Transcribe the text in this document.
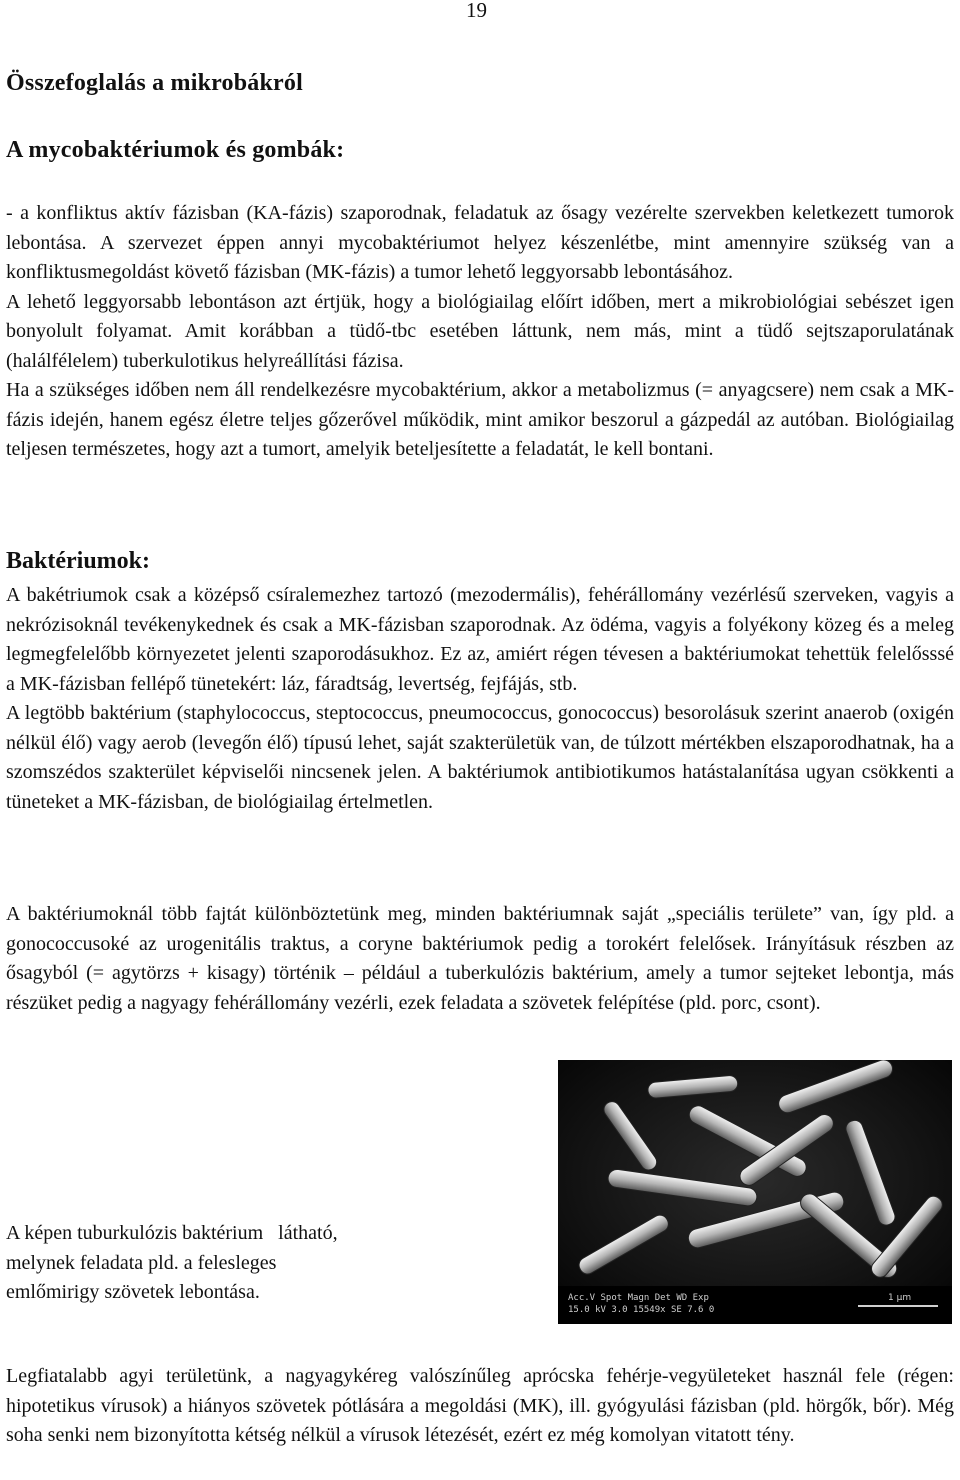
19
Összefoglalás a mikrobákról
A mycobaktériumok és gombák:

- a konfliktus aktív fázisban (KA-fázis) szaporodnak, feladatuk az ősagy vezérelte szervekben keletkezett tumorok lebontása. A szervezet éppen annyi mycobaktériumot helyez készenlétbe, mint amennyire szükség van a konfliktusmegoldást követő fázisban (MK-fázis) a tumor lehető leggyorsabb lebontásához.

A lehető leggyorsabb lebontáson azt értjük, hogy a biológiailag előírt időben, mert a mikrobiológiai sebészet igen bonyolult folyamat. Amit korábban a tüdő-tbc esetében láttunk, nem más, mint a tüdő sejtszaporulatának (halálfélelem) tuberkulotikus helyreállítási fázisa.

Ha a szükséges időben nem áll rendelkezésre mycobaktérium, akkor a metabolizmus (= anyagcsere) nem csak a MK-fázis idején, hanem egész életre teljes gőzerővel működik, mint amikor beszorul a gázpedál az autóban. Biológiailag teljesen természetes, hogy azt a tumort, amelyik beteljesítette a feladatát, le kell bontani.

Baktériumok:

A bakétriumok csak a középső csíralemezhez tartozó (mezodermális), fehérállomány vezérlésű szerveken, vagyis a nekrózisoknál tevékenykednek és csak a MK-fázisban szaporodnak. Az ödéma, vagyis a folyékony közeg és a meleg legmegfelelőbb környezetet jelenti szaporodásukhoz. Ez az, amiért régen tévesen a baktériumokat tehettük felelősssé a MK-fázisban fellépő tünetekért: láz, fáradtság, levertség, fejfájás, stb.

A legtöbb baktérium (staphylococcus, steptococcus, pneumococcus, gonococcus) besorolásuk szerint anaerob (oxigén nélkül élő) vagy aerob (levegőn élő) típusú lehet, saját szakterületük van, de túlzott mértékben elszaporodhatnak, ha a szomszédos szakterület képviselői nincsenek jelen. A baktériumok antibiotikumos hatástalanítása ugyan csökkenti a tüneteket a MK-fázisban, de biológiailag értelmetlen.

A baktériumoknál több fajtát különböztetünk meg, minden baktériumnak saját „speciális területe” van, így pld. a gonococcusoké az urogenitális traktus, a coryne baktériumok pedig a torokért felelősek. Irányításuk részben az ősagyból (= agytörzs + kisagy) történik – például a tuberkulózis baktérium, amely a tumor sejteket lebontja, más részüket pedig a nagyagy fehérállomány vezérli, ezek feladata a szövetek felépítése (pld. porc, csont).

A képen tuburkulózis baktérium   látható,

melynek feladata pld. a felesleges

emlőmirigy szövetek lebontása.	Acc.V Spot Magn Det WD Exp
15.0 kV 3.0 15549x SE 7.6 0
1 µm

Legfiatalabb agyi területünk, a nagyagykéreg valószínűleg aprócska fehérje-vegyületeket használ fele (régen: hipotetikus vírusok) a hiányos szövetek pótlására a megoldási (MK), ill. gyógyulási fázisban (pld. hörgők, bőr). Még soha senki nem bizonyította kétség nélkül a vírusok létezését, ezért ez még komolyan vitatott tény.
